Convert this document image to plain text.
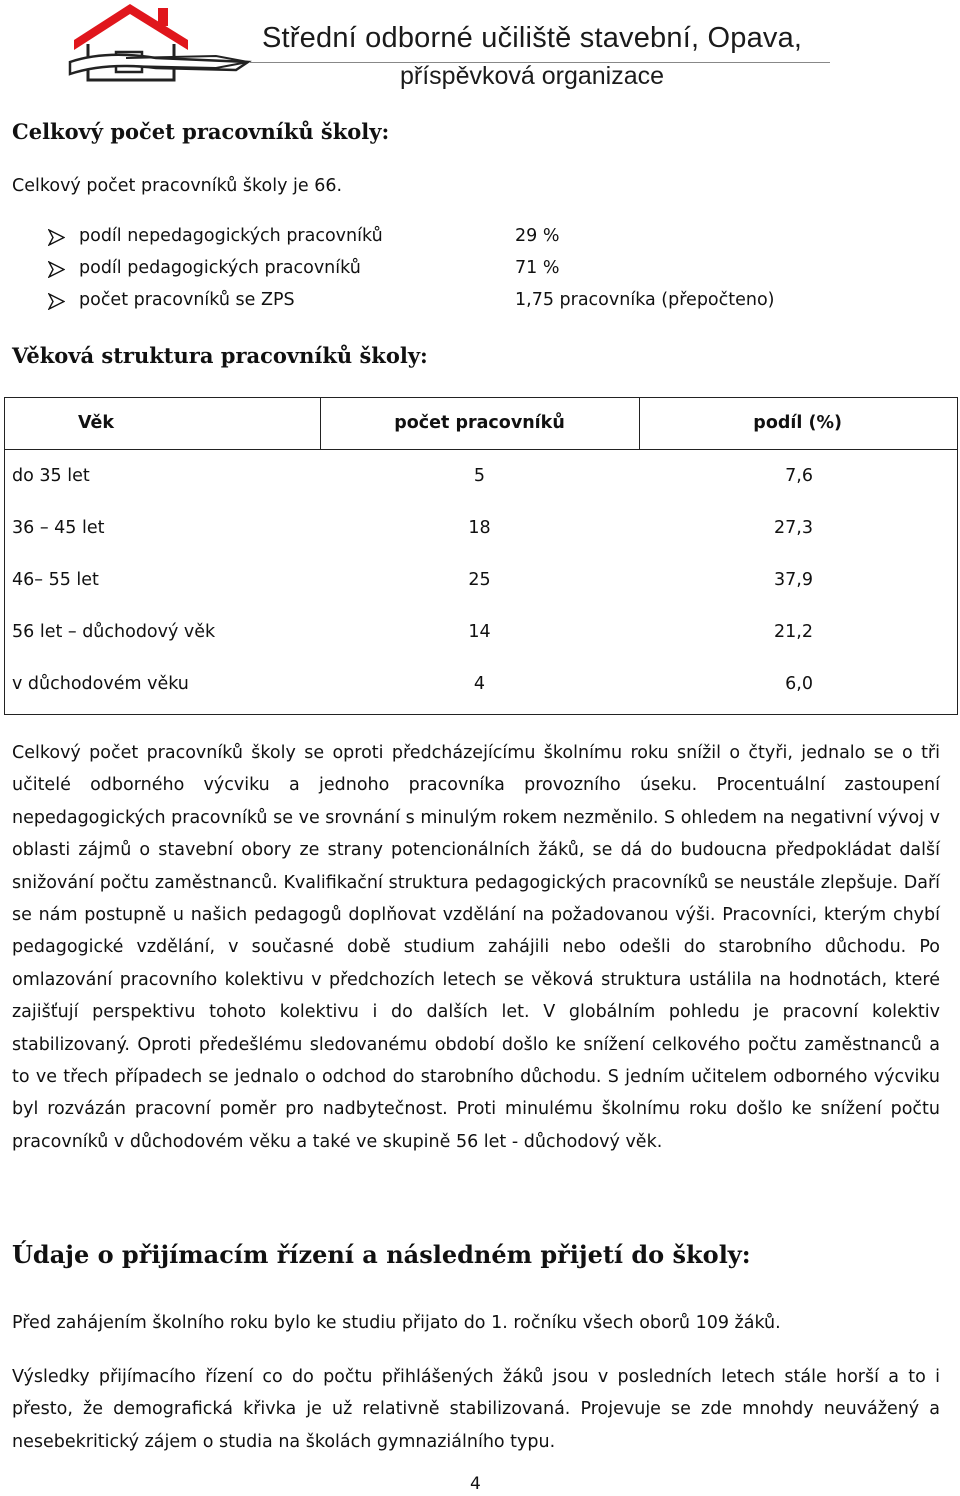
Střední odborné učiliště stavební, Opava,
příspěvková organizace
Celkový počet pracovníků školy:
Celkový počet pracovníků školy je 66.
podíl nepedagogických pracovníků	29 %
podíl pedagogických pracovníků	71 %
počet pracovníků se ZPS	1,75 pracovníka (přepočteno)
Věková struktura pracovníků školy:
Věk	počet pracovníků	podíl (%)
do 35 let	5	7,6
36 – 45 let	18	27,3
46– 55 let	25	37,9
56 let – důchodový věk	14	21,2
v důchodovém věku	4	6,0
Celkový počet pracovníků školy se oproti předcházejícímu školnímu roku snížil o čtyři, jednalo se o tři učitelé odborného výcviku a jednoho pracovníka provozního úseku. Procentuální zastoupení nepedagogických pracovníků se ve srovnání s minulým rokem nezměnilo. S ohledem na negativní vývoj v oblasti zájmů o stavební obory ze strany potencionálních žáků, se dá do budoucna předpokládat další snižování počtu zaměstnanců. Kvalifikační struktura pedagogických pracovníků se neustále zlepšuje. Daří se nám postupně u našich pedagogů doplňovat vzdělání na požadovanou výši. Pracovníci, kterým chybí pedagogické vzdělání, v současné době studium zahájili nebo odešli do starobního důchodu. Po omlazování pracovního kolektivu v předchozích letech se věková struktura ustálila na hodnotách, které zajišťují perspektivu tohoto kolektivu i do dalších let. V globálním pohledu je pracovní kolektiv stabilizovaný. Oproti předešlému sledovanému období došlo ke snížení celkového počtu zaměstnanců a to ve třech případech se jednalo o odchod do starobního důchodu. S jedním učitelem odborného výcviku byl rozvázán pracovní poměr pro nadbytečnost. Proti minulému školnímu roku došlo ke snížení počtu pracovníků v důchodovém věku a také ve skupině 56 let - důchodový věk.
Údaje o přijímacím řízení a následném přijetí do školy:
Před zahájením školního roku bylo ke studiu přijato do 1. ročníku všech oborů 109 žáků.
Výsledky přijímacího řízení co do počtu přihlášených žáků jsou v posledních letech stále horší a to i přesto, že demografická křivka je už relativně stabilizovaná. Projevuje se zde mnohdy neuvážený a nesebekritický zájem o studia na školách gymnaziálního typu.
4
